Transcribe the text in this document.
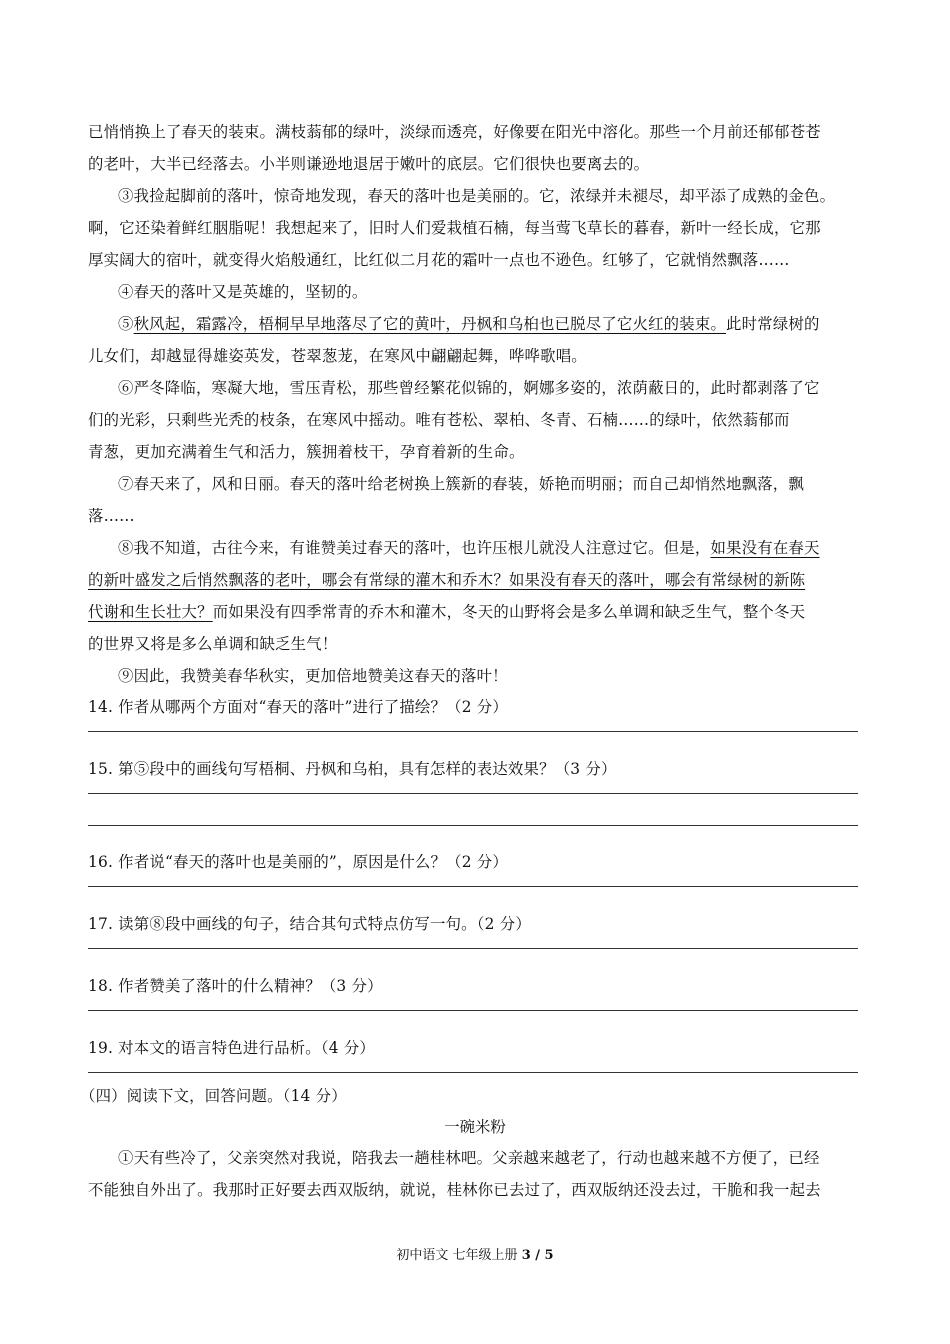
已悄悄换上了春天的装束。满枝蓊郁的绿叶，淡绿而透亮，好像要在阳光中溶化。那些一个月前还郁郁苍苍
的老叶，大半已经落去。小半则谦逊地退居于嫩叶的底层。它们很快也要离去的。
③我捡起脚前的落叶，惊奇地发现，春天的落叶也是美丽的。它，浓绿并未褪尽，却平添了成熟的金色。
啊，它还染着鲜红胭脂呢！我想起来了，旧时人们爱栽植石楠，每当莺飞草长的暮春，新叶一经长成，它那
厚实阔大的宿叶，就变得火焰般通红，比红似二月花的霜叶一点也不逊色。红够了，它就悄然飘落……
④春天的落叶又是英雄的，坚韧的。
⑤秋风起，霜露冷，梧桐早早地落尽了它的黄叶，丹枫和乌桕也已脱尽了它火红的装束。此时常绿树的
儿女们，却越显得雄姿英发，苍翠葱茏，在寒风中翩翩起舞，哗哗歌唱。
⑥严冬降临，寒凝大地，雪压青松，那些曾经繁花似锦的，婀娜多姿的，浓荫蔽日的，此时都剥落了它
们的光彩，只剩些光秃的枝条，在寒风中摇动。唯有苍松、翠柏、冬青、石楠……的绿叶，依然蓊郁而
青葱，更加充满着生气和活力，簇拥着枝干，孕育着新的生命。
⑦春天来了，风和日丽。春天的落叶给老树换上簇新的春装，娇艳而明丽；而自己却悄然地飘落，飘
落……
⑧我不知道，古往今来，有谁赞美过春天的落叶，也许压根儿就没人注意过它。但是，如果没有在春天
的新叶盛发之后悄然飘落的老叶，哪会有常绿的灌木和乔木？如果没有春天的落叶，哪会有常绿树的新陈
代谢和生长壮大？而如果没有四季常青的乔木和灌木，冬天的山野将会是多么单调和缺乏生气，整个冬天
的世界又将是多么单调和缺乏生气！
⑨因此，我赞美春华秋实，更加倍地赞美这春天的落叶！
14. 作者从哪两个方面对“春天的落叶”进行了描绘？（2 分）
15. 第⑤段中的画线句写梧桐、丹枫和乌桕，具有怎样的表达效果？（3 分）
16. 作者说“春天的落叶也是美丽的”，原因是什么？（2 分）
17. 读第⑧段中画线的句子，结合其句式特点仿写一句。（2 分）
18. 作者赞美了落叶的什么精神？（3 分）
19. 对本文的语言特色进行品析。（4 分）
（四）阅读下文，回答问题。（14 分）
一碗米粉
①天有些冷了，父亲突然对我说，陪我去一趟桂林吧。父亲越来越老了，行动也越来越不方便了，已经
不能独自外出了。我那时正好要去西双版纳，就说，桂林你已去过了，西双版纳还没去过，干脆和我一起去
初中语文 七年级上册 3 / 5
